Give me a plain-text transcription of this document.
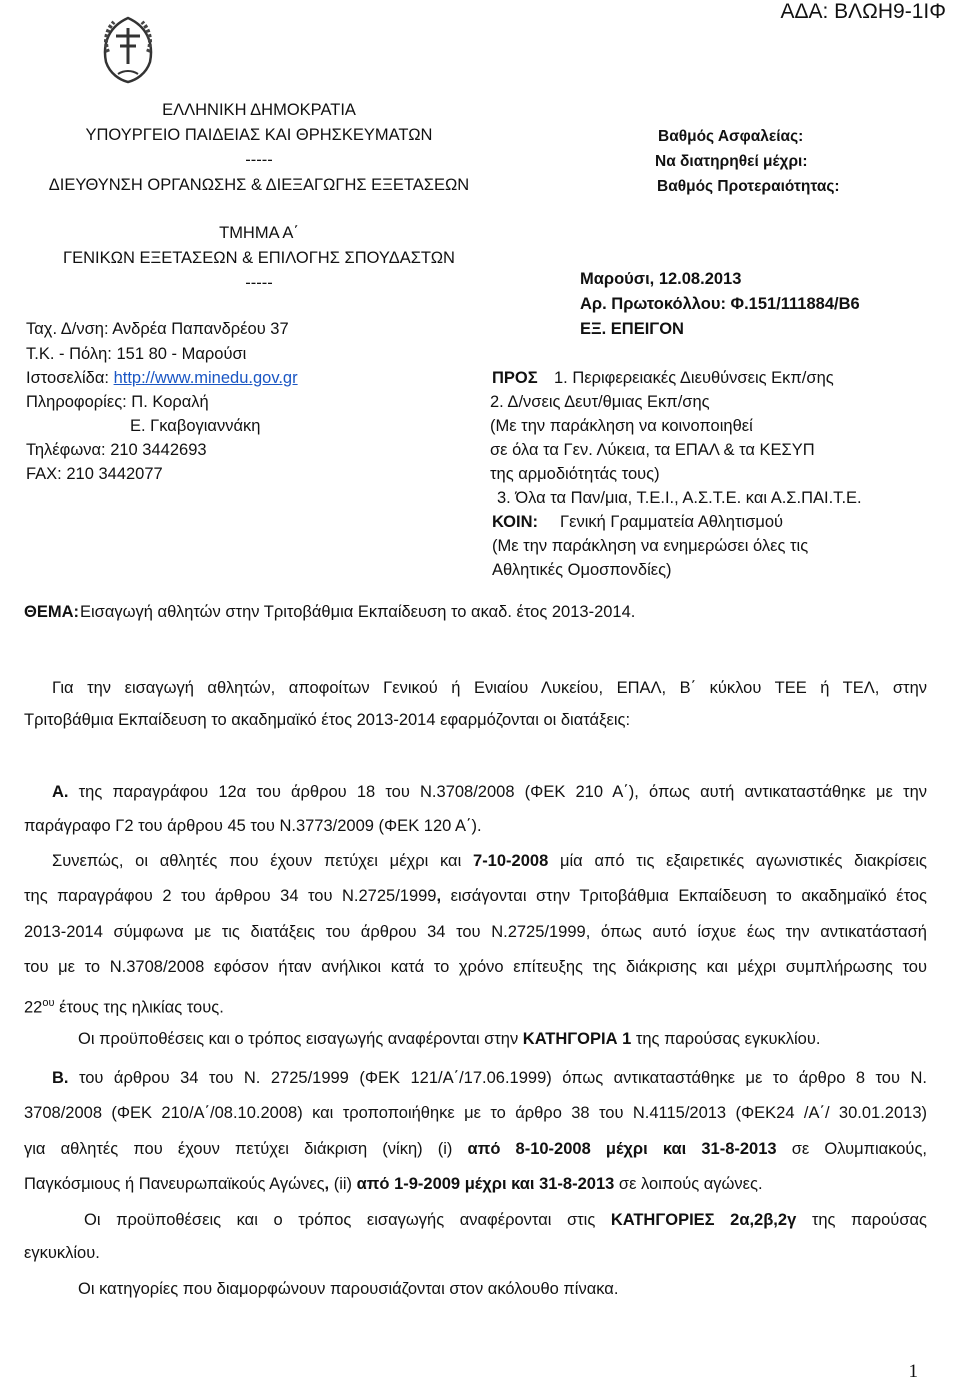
ΑΔΑ: ΒΛΩΗ9-1ΙΦ
ΕΛΛΗΝΙΚΗ ΔΗΜΟΚΡΑΤΙΑ
ΥΠΟΥΡΓΕΙΟ ΠΑΙΔΕΙΑΣ ΚΑΙ ΘΡΗΣΚΕΥΜΑΤΩΝ
-----
ΔΙΕΥΘΥΝΣΗ ΟΡΓΑΝΩΣΗΣ & ΔΙΕΞΑΓΩΓΗΣ ΕΞΕΤΑΣΕΩΝ
ΤΜΗΜΑ Α΄
ΓΕΝΙΚΩΝ ΕΞΕΤΑΣΕΩΝ & ΕΠΙΛΟΓΗΣ ΣΠΟΥΔΑΣΤΩΝ
-----
Βαθμός Ασφαλείας:
Να διατηρηθεί μέχρι:
Βαθμός Προτεραιότητας:
Μαρούσι, 12.08.2013
Αρ. Πρωτοκόλλου: Φ.151/111884/Β6
ΕΞ. ΕΠΕΙΓΟΝ
Ταχ. Δ/νση: Ανδρέα Παπανδρέου 37
Τ.Κ. - Πόλη: 151 80 - Μαρούσι
Ιστοσελίδα: http://www.minedu.gov.gr
Πληροφορίες: Π. Κοραλή
Ε. Γκαβογιαννάκη
Τηλέφωνα: 210 3442693
FAX: 210 3442077
ΠΡΟΣ 1. Περιφερειακές Διευθύνσεις Εκπ/σης
2. Δ/νσεις Δευτ/θμιας Εκπ/σης
(Με την παράκληση να κοινοποιηθεί
σε όλα τα Γεν. Λύκεια, τα ΕΠΑΛ & τα ΚΕΣΥΠ
της αρμοδιότητάς τους)
3. Όλα τα Παν/μια, Τ.Ε.Ι., Α.Σ.Τ.Ε. και Α.Σ.ΠΑΙ.Τ.Ε.
ΚΟΙΝ: Γενική Γραμματεία Αθλητισμού
(Με την παράκληση να ενημερώσει όλες τις
Αθλητικές Ομοσπονδίες)
ΘΕΜΑ: Εισαγωγή αθλητών στην Τριτοβάθμια Εκπαίδευση το ακαδ. έτος 2013-2014.
Για την εισαγωγή αθλητών, αποφοίτων Γενικού ή Ενιαίου Λυκείου, ΕΠΑΛ, Β΄ κύκλου ΤΕΕ ή ΤΕΛ, στην
Τριτοβάθμια Εκπαίδευση το ακαδημαϊκό έτος 2013-2014 εφαρμόζονται οι διατάξεις:
Α. της παραγράφου 12α του άρθρου 18 του Ν.3708/2008 (ΦΕΚ 210 Α΄), όπως αυτή αντικαταστάθηκε με την
παράγραφο Γ2 του άρθρου 45 του Ν.3773/2009 (ΦΕΚ 120 Α΄).
Συνεπώς, οι αθλητές που έχουν πετύχει μέχρι και 7-10-2008 μία από τις εξαιρετικές αγωνιστικές διακρίσεις
της παραγράφου 2 του άρθρου 34 του Ν.2725/1999, εισάγονται στην Τριτοβάθμια Εκπαίδευση το ακαδημαϊκό έτος
2013-2014 σύμφωνα με τις διατάξεις του άρθρου 34 του Ν.2725/1999, όπως αυτό ίσχυε έως την αντικατάστασή
του με το Ν.3708/2008 εφόσον ήταν ανήλικοι κατά το χρόνο επίτευξης της διάκρισης και μέχρι συμπλήρωσης του
$22^{o\upsilon}$ έτους της ηλικίας τους.
Οι προϋποθέσεις και ο τρόπος εισαγωγής αναφέρονται στην ΚΑΤΗΓΟΡΙΑ 1 της παρούσας εγκυκλίου.
Β. του άρθρου 34 του Ν. 2725/1999 (ΦΕΚ 121/Α΄/17.06.1999) όπως αντικαταστάθηκε με το άρθρο 8 του Ν.
3708/2008 (ΦΕΚ 210/Α΄/08.10.2008) και τροποποιήθηκε με το άρθρο 38 του Ν.4115/2013 (ΦΕΚ24 /Α΄/ 30.01.2013)
για αθλητές που έχουν πετύχει διάκριση (νίκη) (i) από 8-10-2008 μέχρι και 31-8-2013 σε Ολυμπιακούς,
Παγκόσμιους ή Πανευρωπαϊκούς Αγώνες, (ii) από 1-9-2009 μέχρι και 31-8-2013 σε λοιπούς αγώνες.
Οι προϋποθέσεις και ο τρόπος εισαγωγής αναφέρονται στις ΚΑΤΗΓΟΡΙΕΣ 2α,2β,2γ της παρούσας
εγκυκλίου.
Οι κατηγορίες που διαμορφώνουν παρουσιάζονται στον ακόλουθο πίνακα.
1
